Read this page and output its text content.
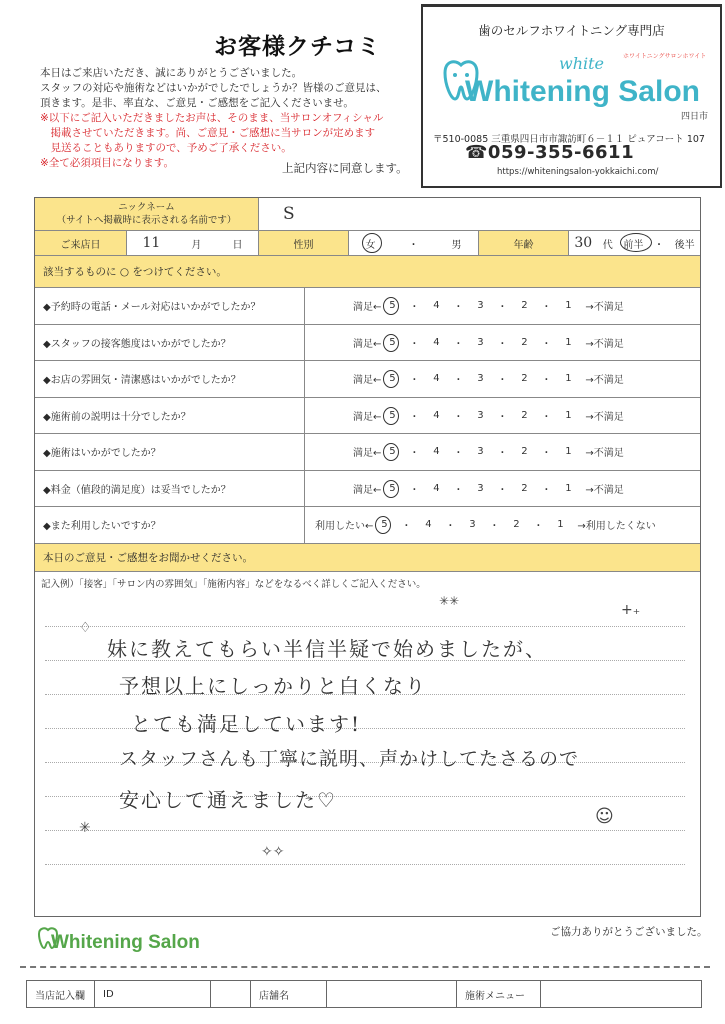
お客様クチコミ
本日はご来店いただき、誠にありがとうございました。
スタッフの対応や施術などはいかがでしたでしょうか？皆様のご意見は、
頂きます。是非、率直な、ご意見・ご感想をご記入くださいませ。
※以下にご記入いただきましたお声は、そのまま、当サロンオフィシャル
　掲載させていただきます。尚、ご意見・ご感想に当サロンが定めます
　見送ることもありますので、予めご了承ください。
※全て必須項目になります。	上記内容に同意します。
歯のセルフホワイトニング専門店
ホワイトニングサロンホワイト
white
Whitening Salon
四日市
〒510-0085 三重県四日市市諏訪町６－１１ ピュアコート 107
☎059-355-6611
https://whiteningsalon-yokkaichi.com/
ニックネーム
（サイトへ掲載時に表示される名前です）	S
ご来店日	11	月	日	性別	女	・	男	年齢	30 代 前半 ・ 後半
該当するものに ○ をつけてください。
◆予約時の電話・メール対応はいかがでしたか？	満足← 5	・	4	・	3	・	2	・	1	→不満足
◆スタッフの接客態度はいかがでしたか？	満足← 5	・	4	・	3	・	2	・	1	→不満足
◆お店の雰囲気・清潔感はいかがでしたか？	満足← 5	・	4	・	3	・	2	・	1	→不満足
◆施術前の説明は十分でしたか？	満足← 5	・	4	・	3	・	2	・	1	→不満足
◆施術はいかがでしたか？	満足← 5	・	4	・	3	・	2	・	1	→不満足
◆料金（値段的満足度）は妥当でしたか？	満足← 5	・	4	・	3	・	2	・	1	→不満足
◆また利用したいですか？	利用したい← 5	・	4	・	3	・	2	・	1	→利用したくない
本日のご意見・ご感想をお聞かせください。
記入例）「接客」「サロン内の雰囲気」「施術内容」などをなるべく詳しくご記入ください。
妹に教えてもらい半信半疑で始めましたが、
予想以上にしっかりと白くなり
とても満足しています!
スタッフさんも丁寧に説明、声かけしてたさるので
安心して通えました♡
♢
✳✳
+₊
✳
✧✧
☺
Whitening Salon	ご協力ありがとうございました。
当店記入欄	ID	店舗名	施術メニュー
